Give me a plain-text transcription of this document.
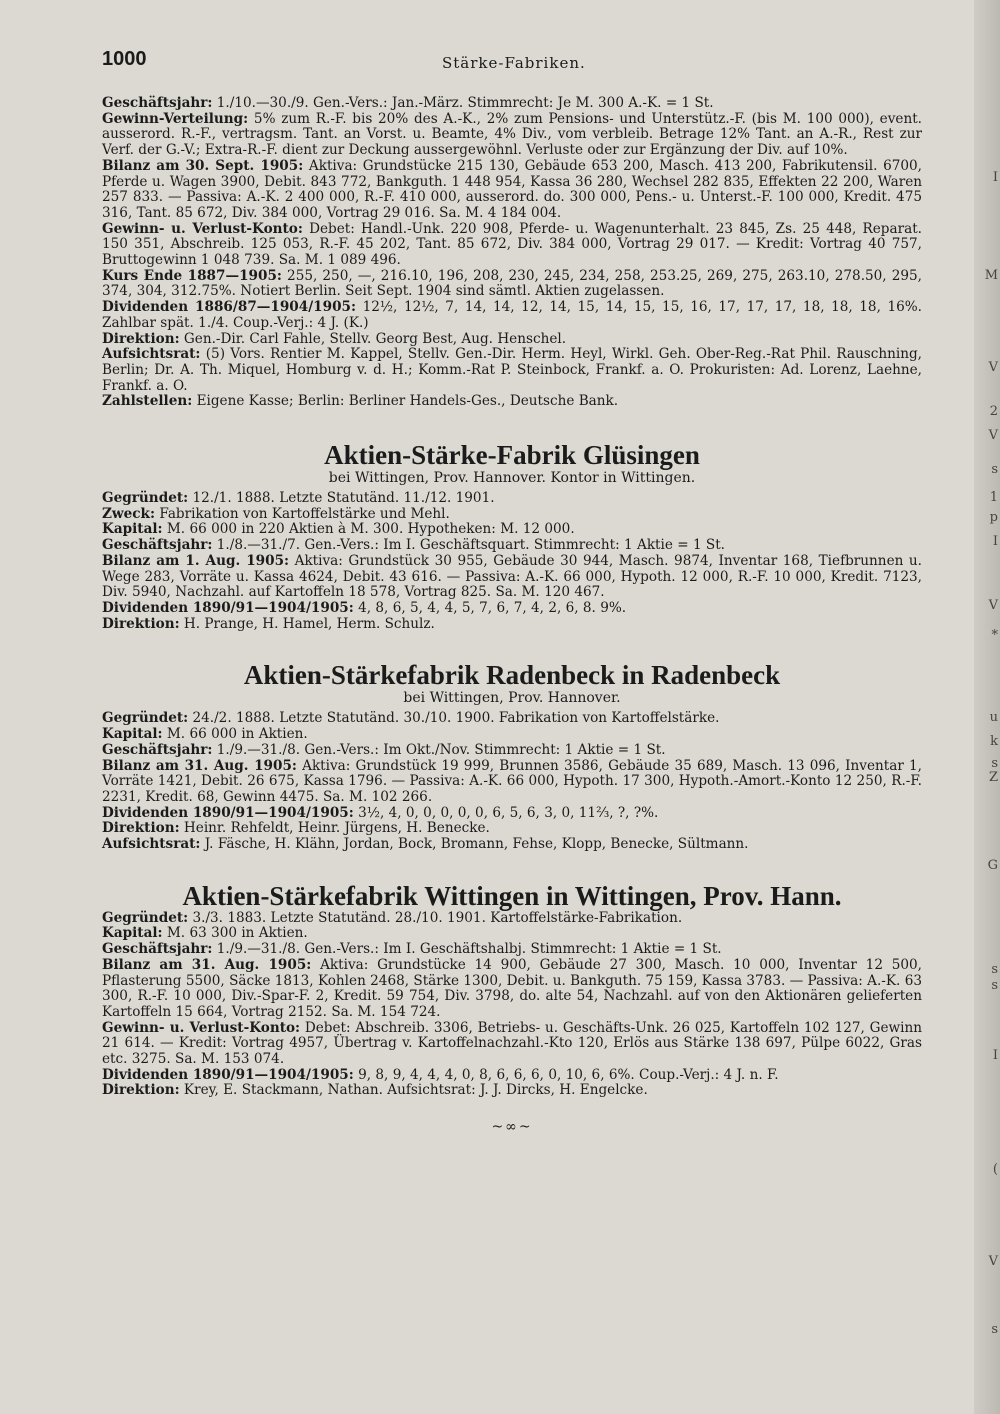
I
M
V
2
V
s
1
p
I
V
*
u
k
s
Z
G
s
s
I
(
V
s
1000	Stärke-Fabriken.

Geschäftsjahr: 1./10.—30./9. Gen.-Vers.: Jan.-März. Stimmrecht: Je M. 300 A.-K. = 1 St.

Gewinn-Verteilung: 5% zum R.-F. bis 20% des A.-K., 2% zum Pensions- und Unterstütz.-F. (bis M. 100 000), event. ausserord. R.-F., vertragsm. Tant. an Vorst. u. Beamte, 4% Div., vom verbleib. Betrage 12% Tant. an A.-R., Rest zur Verf. der G.-V.; Extra-R.-F. dient zur Deckung aussergewöhnl. Verluste oder zur Ergänzung der Div. auf 10%.

Bilanz am 30. Sept. 1905: Aktiva: Grundstücke 215 130, Gebäude 653 200, Masch. 413 200, Fabrikutensil. 6700, Pferde u. Wagen 3900, Debit. 843 772, Bankguth. 1 448 954, Kassa 36 280, Wechsel 282 835, Effekten 22 200, Waren 257 833. — Passiva: A.-K. 2 400 000, R.-F. 410 000, ausserord. do. 300 000, Pens.- u. Unterst.-F. 100 000, Kredit. 475 316, Tant. 85 672, Div. 384 000, Vortrag 29 016. Sa. M. 4 184 004.

Gewinn- u. Verlust-Konto: Debet: Handl.-Unk. 220 908, Pferde- u. Wagenunterhalt. 23 845, Zs. 25 448, Reparat. 150 351, Abschreib. 125 053, R.-F. 45 202, Tant. 85 672, Div. 384 000, Vortrag 29 017. — Kredit: Vortrag 40 757, Bruttogewinn 1 048 739. Sa. M. 1 089 496.

Kurs Ende 1887—1905: 255, 250, —, 216.10, 196, 208, 230, 245, 234, 258, 253.25, 269, 275, 263.10, 278.50, 295, 374, 304, 312.75%. Notiert Berlin. Seit Sept. 1904 sind sämtl. Aktien zugelassen.

Dividenden 1886/87—1904/1905: 12½, 12½, 7, 14, 14, 12, 14, 15, 14, 15, 15, 16, 17, 17, 17, 18, 18, 18, 16%. Zahlbar spät. 1./4. Coup.-Verj.: 4 J. (K.)

Direktion: Gen.-Dir. Carl Fahle, Stellv. Georg Best, Aug. Henschel.

Aufsichtsrat: (5) Vors. Rentier M. Kappel, Stellv. Gen.-Dir. Herm. Heyl, Wirkl. Geh. Ober-Reg.-Rat Phil. Rauschning, Berlin; Dr. A. Th. Miquel, Homburg v. d. H.; Komm.-Rat P. Steinbock, Frankf. a. O. Prokuristen: Ad. Lorenz, Laehne, Frankf. a. O.

Zahlstellen: Eigene Kasse; Berlin: Berliner Handels-Ges., Deutsche Bank.

Aktien-Stärke-Fabrik Glüsingen

bei Wittingen, Prov. Hannover. Kontor in Wittingen.

Gegründet: 12./1. 1888. Letzte Statutänd. 11./12. 1901.

Zweck: Fabrikation von Kartoffelstärke und Mehl.

Kapital: M. 66 000 in 220 Aktien à M. 300. Hypotheken: M. 12 000.

Geschäftsjahr: 1./8.—31./7. Gen.-Vers.: Im I. Geschäftsquart. Stimmrecht: 1 Aktie = 1 St.

Bilanz am 1. Aug. 1905: Aktiva: Grundstück 30 955, Gebäude 30 944, Masch. 9874, Inventar 168, Tiefbrunnen u. Wege 283, Vorräte u. Kassa 4624, Debit. 43 616. — Passiva: A.-K. 66 000, Hypoth. 12 000, R.-F. 10 000, Kredit. 7123, Div. 5940, Nachzahl. auf Kartoffeln 18 578, Vortrag 825. Sa. M. 120 467.

Dividenden 1890/91—1904/1905: 4, 8, 6, 5, 4, 4, 5, 7, 6, 7, 4, 2, 6, 8. 9%.

Direktion: H. Prange, H. Hamel, Herm. Schulz.

Aktien-Stärkefabrik Radenbeck in Radenbeck

bei Wittingen, Prov. Hannover.

Gegründet: 24./2. 1888. Letzte Statutänd. 30./10. 1900. Fabrikation von Kartoffelstärke.

Kapital: M. 66 000 in Aktien.

Geschäftsjahr: 1./9.—31./8. Gen.-Vers.: Im Okt./Nov. Stimmrecht: 1 Aktie = 1 St.

Bilanz am 31. Aug. 1905: Aktiva: Grundstück 19 999, Brunnen 3586, Gebäude 35 689, Masch. 13 096, Inventar 1, Vorräte 1421, Debit. 26 675, Kassa 1796. — Passiva: A.-K. 66 000, Hypoth. 17 300, Hypoth.-Amort.-Konto 12 250, R.-F. 2231, Kredit. 68, Gewinn 4475. Sa. M. 102 266.

Dividenden 1890/91—1904/1905: 3½, 4, 0, 0, 0, 0, 0, 6, 5, 6, 3, 0, 11⅔, ?, ?%.

Direktion: Heinr. Rehfeldt, Heinr. Jürgens, H. Benecke.

Aufsichtsrat: J. Fäsche, H. Klähn, Jordan, Bock, Bromann, Fehse, Klopp, Benecke, Sültmann.

Aktien-Stärkefabrik Wittingen in Wittingen, Prov. Hann.

Gegründet: 3./3. 1883. Letzte Statutänd. 28./10. 1901. Kartoffelstärke-Fabrikation.

Kapital: M. 63 300 in Aktien.

Geschäftsjahr: 1./9.—31./8. Gen.-Vers.: Im I. Geschäftshalbj. Stimmrecht: 1 Aktie = 1 St.

Bilanz am 31. Aug. 1905: Aktiva: Grundstücke 14 900, Gebäude 27 300, Masch. 10 000, Inventar 12 500, Pflasterung 5500, Säcke 1813, Kohlen 2468, Stärke 1300, Debit. u. Bankguth. 75 159, Kassa 3783. — Passiva: A.-K. 63 300, R.-F. 10 000, Div.-Spar-F. 2, Kredit. 59 754, Div. 3798, do. alte 54, Nachzahl. auf von den Aktionären gelieferten Kartoffeln 15 664, Vortrag 2152. Sa. M. 154 724.

Gewinn- u. Verlust-Konto: Debet: Abschreib. 3306, Betriebs- u. Geschäfts-Unk. 26 025, Kartoffeln 102 127, Gewinn 21 614. — Kredit: Vortrag 4957, Übertrag v. Kartoffelnachzahl.-Kto 120, Erlös aus Stärke 138 697, Pülpe 6022, Gras etc. 3275. Sa. M. 153 074.

Dividenden 1890/91—1904/1905: 9, 8, 9, 4, 4, 4, 0, 8, 6, 6, 6, 0, 10, 6, 6%. Coup.-Verj.: 4 J. n. F.

Direktion: Krey, E. Stackmann, Nathan. Aufsichtsrat: J. J. Dircks, H. Engelcke.

~∞~
